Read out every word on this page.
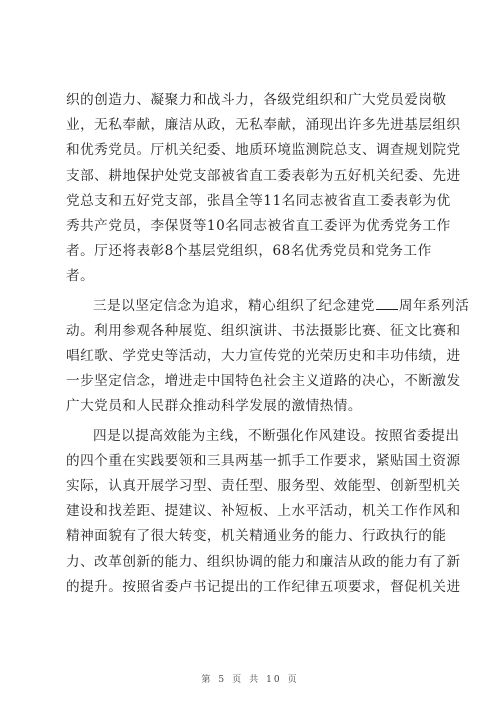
织的创造力、凝聚力和战斗力，各级党组织和广大党员爱岗敬
业，无私奉献，廉洁从政，无私奉献，涌现出许多先进基层组织
和优秀党员。厅机关纪委、地质环境监测院总支、调查规划院党
支部、耕地保护处党支部被省直工委表彰为五好机关纪委、先进
党总支和五好党支部，张昌全等11名同志被省直工委表彰为优
秀共产党员，李保贤等10名同志被省直工委评为优秀党务工作
者。厅还将表彰8个基层党组织，68名优秀党员和党务工作
者。

三是以坚定信念为追求，精心组织了纪念建党 周年系列活
动。利用参观各种展览、组织演讲、书法摄影比赛、征文比赛和
唱红歌、学党史等活动，大力宣传党的光荣历史和丰功伟绩，进
一步坚定信念，增进走中国特色社会主义道路的决心，不断激发
广大党员和人民群众推动科学发展的激情热情。

四是以提高效能为主线，不断强化作风建设。按照省委提出
的四个重在实践要领和三具两基一抓手工作要求，紧贴国土资源
实际，认真开展学习型、责任型、服务型、效能型、创新型机关
建设和找差距、提建议、补短板、上水平活动，机关工作作风和
精神面貌有了很大转变，机关精通业务的能力、行政执行的能
力、改革创新的能力、组织协调的能力和廉洁从政的能力有了新
的提升。按照省委卢书记提出的工作纪律五项要求，督促机关进

第 5 页 共 10 页
